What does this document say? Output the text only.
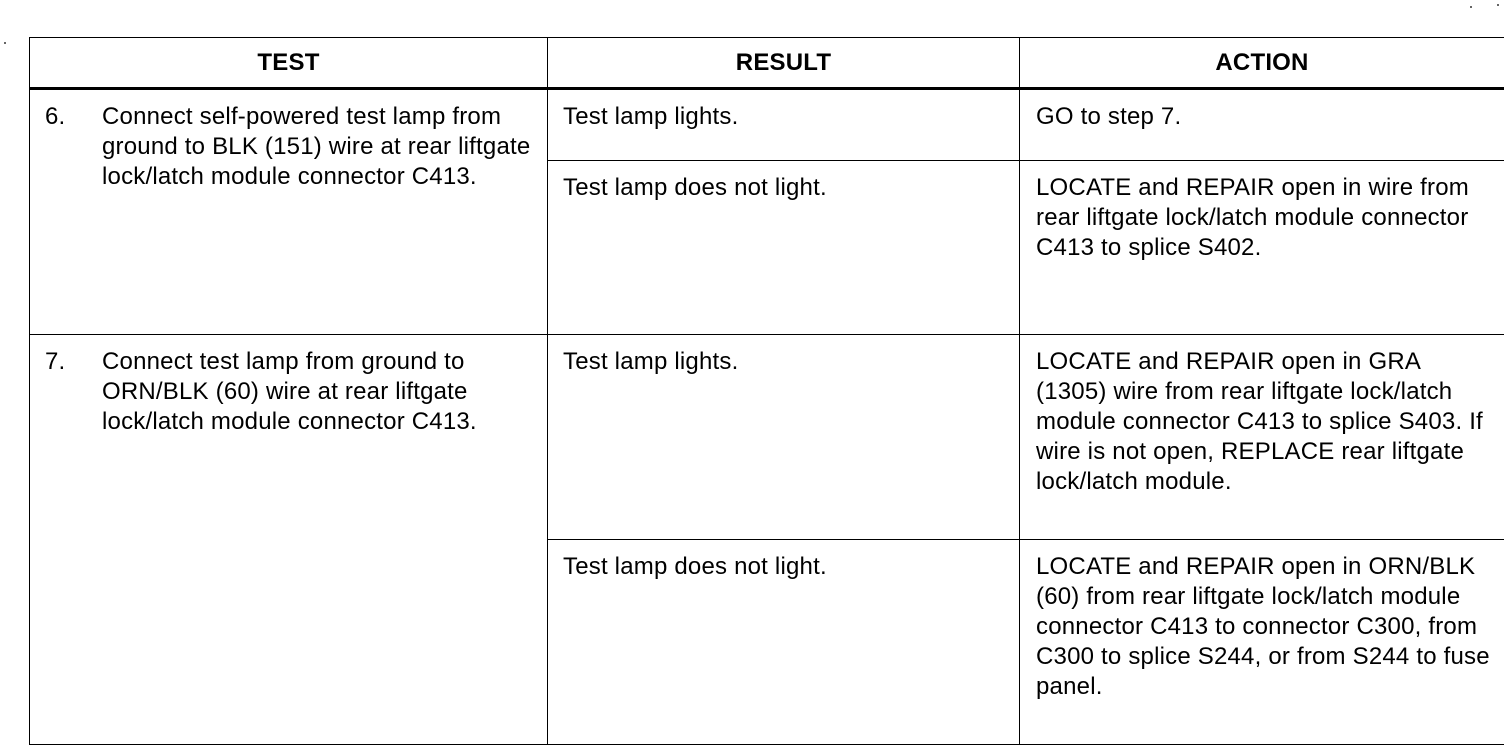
TEST	RESULT	ACTION

6. Connect self-powered test lamp from ground to BLK (151) wire at rear liftgate lock/latch module connector C413.	Test lamp lights.	GO to step 7.
	Test lamp does not light.	LOCATE and REPAIR open in wire from rear liftgate lock/latch module connector C413 to splice S402.

7. Connect test lamp from ground to ORN/BLK (60) wire at rear liftgate lock/latch module connector C413.	Test lamp lights.	LOCATE and REPAIR open in GRA (1305) wire from rear liftgate lock/latch module connector C413 to splice S403. If wire is not open, REPLACE rear liftgate lock/latch module.
	Test lamp does not light.	LOCATE and REPAIR open in ORN/BLK (60) from rear liftgate lock/latch module connector C413 to connector C300, from C300 to splice S244, or from S244 to fuse panel.
